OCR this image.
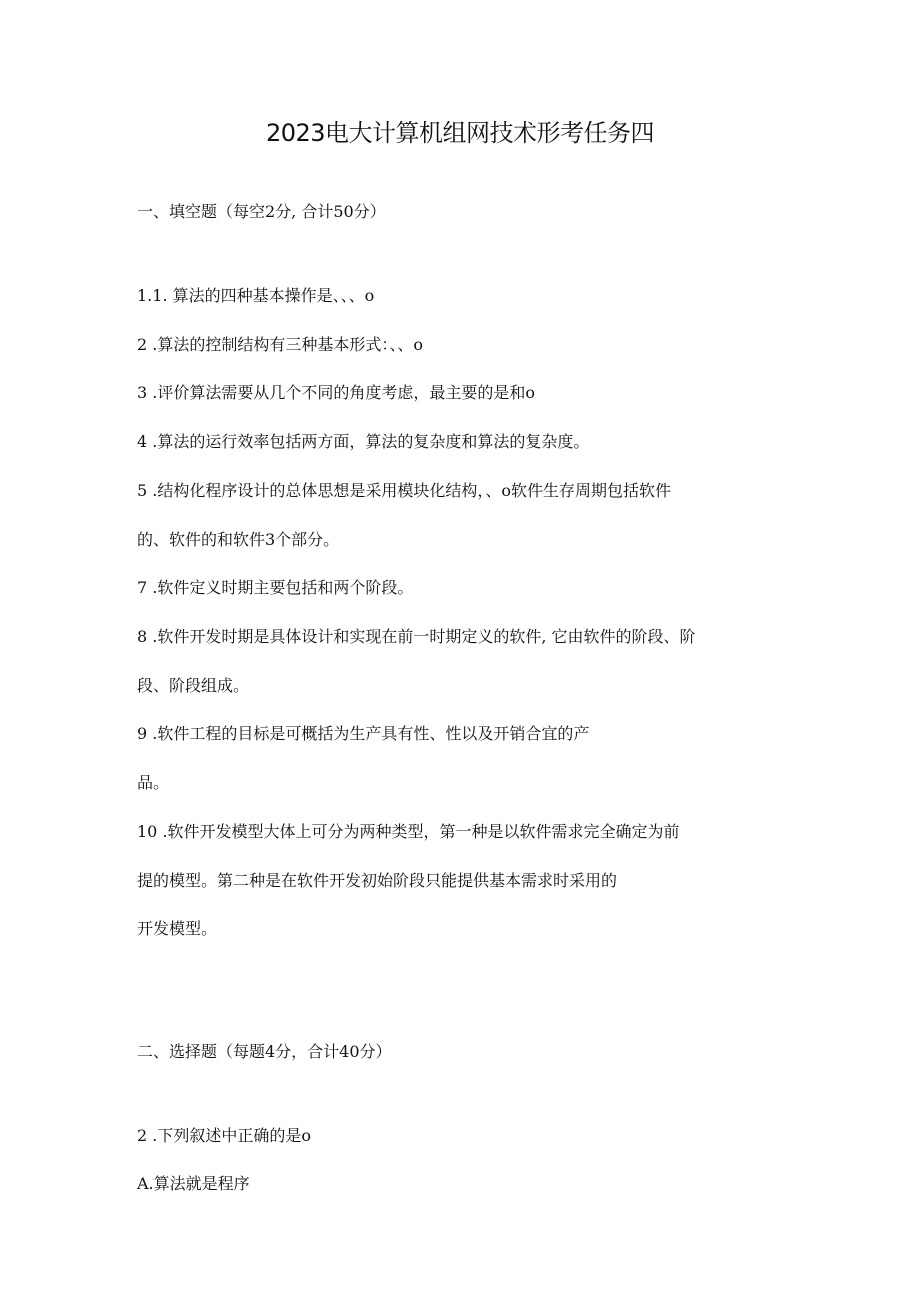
2023电大计算机组网技术形考任务四
一、填空题（每空2分, 合计50分）
1.1. 算法的四种基本操作是、、、o
2 .算法的控制结构有三种基本形式：、、o
3 .评价算法需要从几个不同的角度考虑，最主要的是和o
4 .算法的运行效率包括两方面，算法的复杂度和算法的复杂度。
5 .结构化程序设计的总体思想是采用模块化结构，、o软件生存周期包括软件
的、软件的和软件3个部分。
7 .软件定义时期主要包括和两个阶段。
8 .软件开发时期是具体设计和实现在前一时期定义的软件, 它由软件的阶段、阶
段、阶段组成。
9 .软件工程的目标是可概括为生产具有性、性以及开销合宜的产
品。
10 .软件开发模型大体上可分为两种类型，第一种是以软件需求完全确定为前
提的模型。第二种是在软件开发初始阶段只能提供基本需求时采用的
开发模型。
二、选择题（每题4分，合计40分）
2 .下列叙述中正确的是o
A.算法就是程序
